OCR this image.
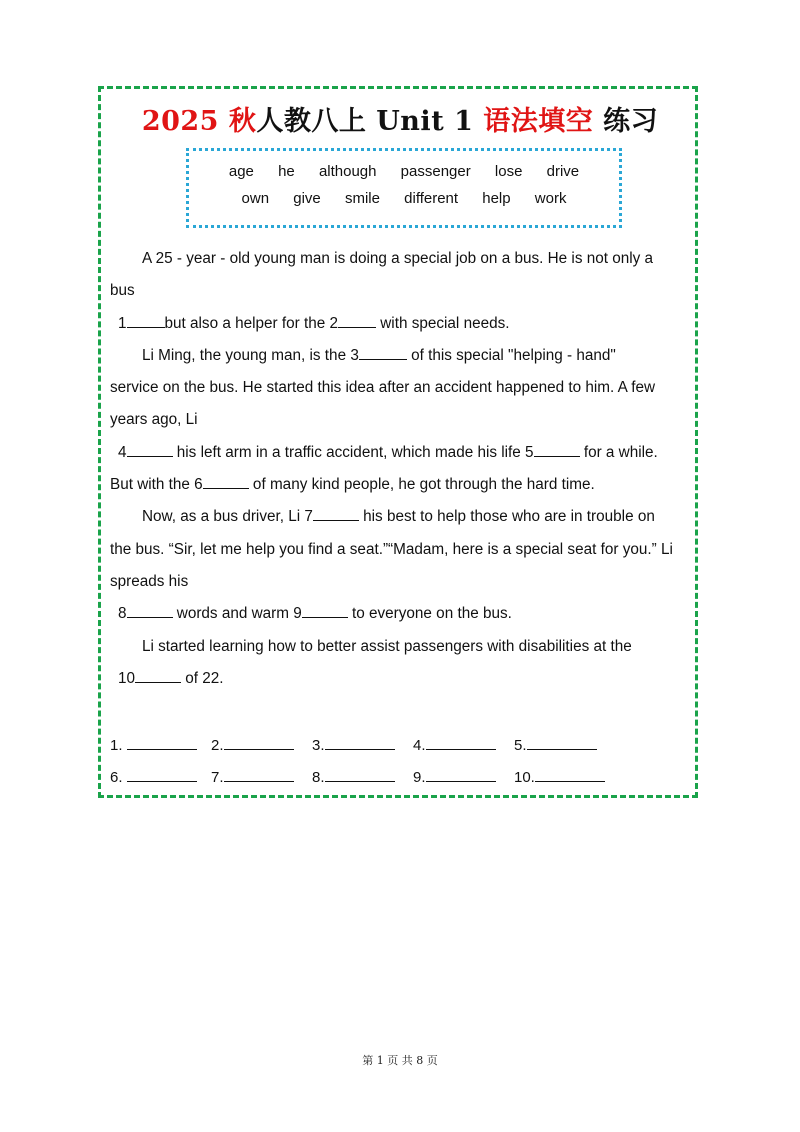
2025 秋人教八上 Unit 1 语法填空 练习
age he although passenger lose drive
own give smile different help work
A 25 - year - old young man is doing a special job on a bus. He is not only a
bus
1 but also a helper for the 2 with special needs.
Li Ming, the young man, is the 3	of this special "helping - hand"
service on the bus. He started this idea after an accident happened to him. A few
years ago, Li
4	his left arm in a traffic accident, which made his life 5	for a while.
But with the 6	of many kind people, he got through the hard time.
Now, as a bus driver, Li 7	his best to help those who are in trouble on
the bus. “Sir, let me help you find a seat.”“Madam, here is a special seat for you.” Li
spreads his
8	words and warm 9	to everyone on the bus.
Li started learning how to better assist passengers with disabilities at the
10	of 22.
1.	2.	3.	4.	5.
6.	7.	8.	9.	10.
第 1 页 共 8 页
